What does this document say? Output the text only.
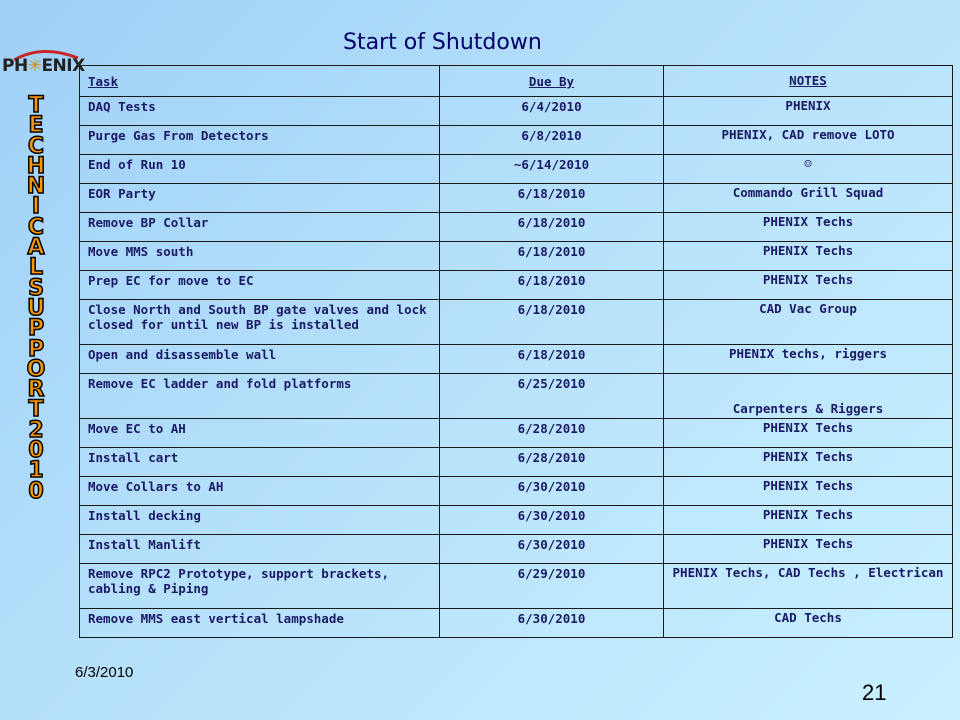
Start of Shutdown
PH✳ENIX
TECHNICAL SUPPORT 2010
Task	Due By	NOTES
DAQ Tests	6/4/2010	PHENIX
Purge Gas From Detectors	6/8/2010	PHENIX, CAD remove LOTO
End of Run 10	~6/14/2010	☺
EOR Party	6/18/2010	Commando Grill Squad
Remove BP Collar	6/18/2010	PHENIX Techs
Move MMS south	6/18/2010	PHENIX Techs
Prep EC for move to EC	6/18/2010	PHENIX Techs
Close North and South BP gate valves and lock closed for until new BP is installed	6/18/2010	CAD Vac Group
Open and disassemble wall	6/18/2010	PHENIX techs, riggers
Remove EC ladder and fold platforms	6/25/2010	Carpenters & Riggers
Move EC to AH	6/28/2010	PHENIX Techs
Install cart	6/28/2010	PHENIX Techs
Move Collars to AH	6/30/2010	PHENIX Techs
Install decking	6/30/2010	PHENIX Techs
Install Manlift	6/30/2010	PHENIX Techs
Remove RPC2 Prototype, support brackets, cabling & Piping	6/29/2010	PHENIX Techs, CAD Techs , Electrican
Remove MMS east vertical lampshade	6/30/2010	CAD Techs
6/3/2010
21
